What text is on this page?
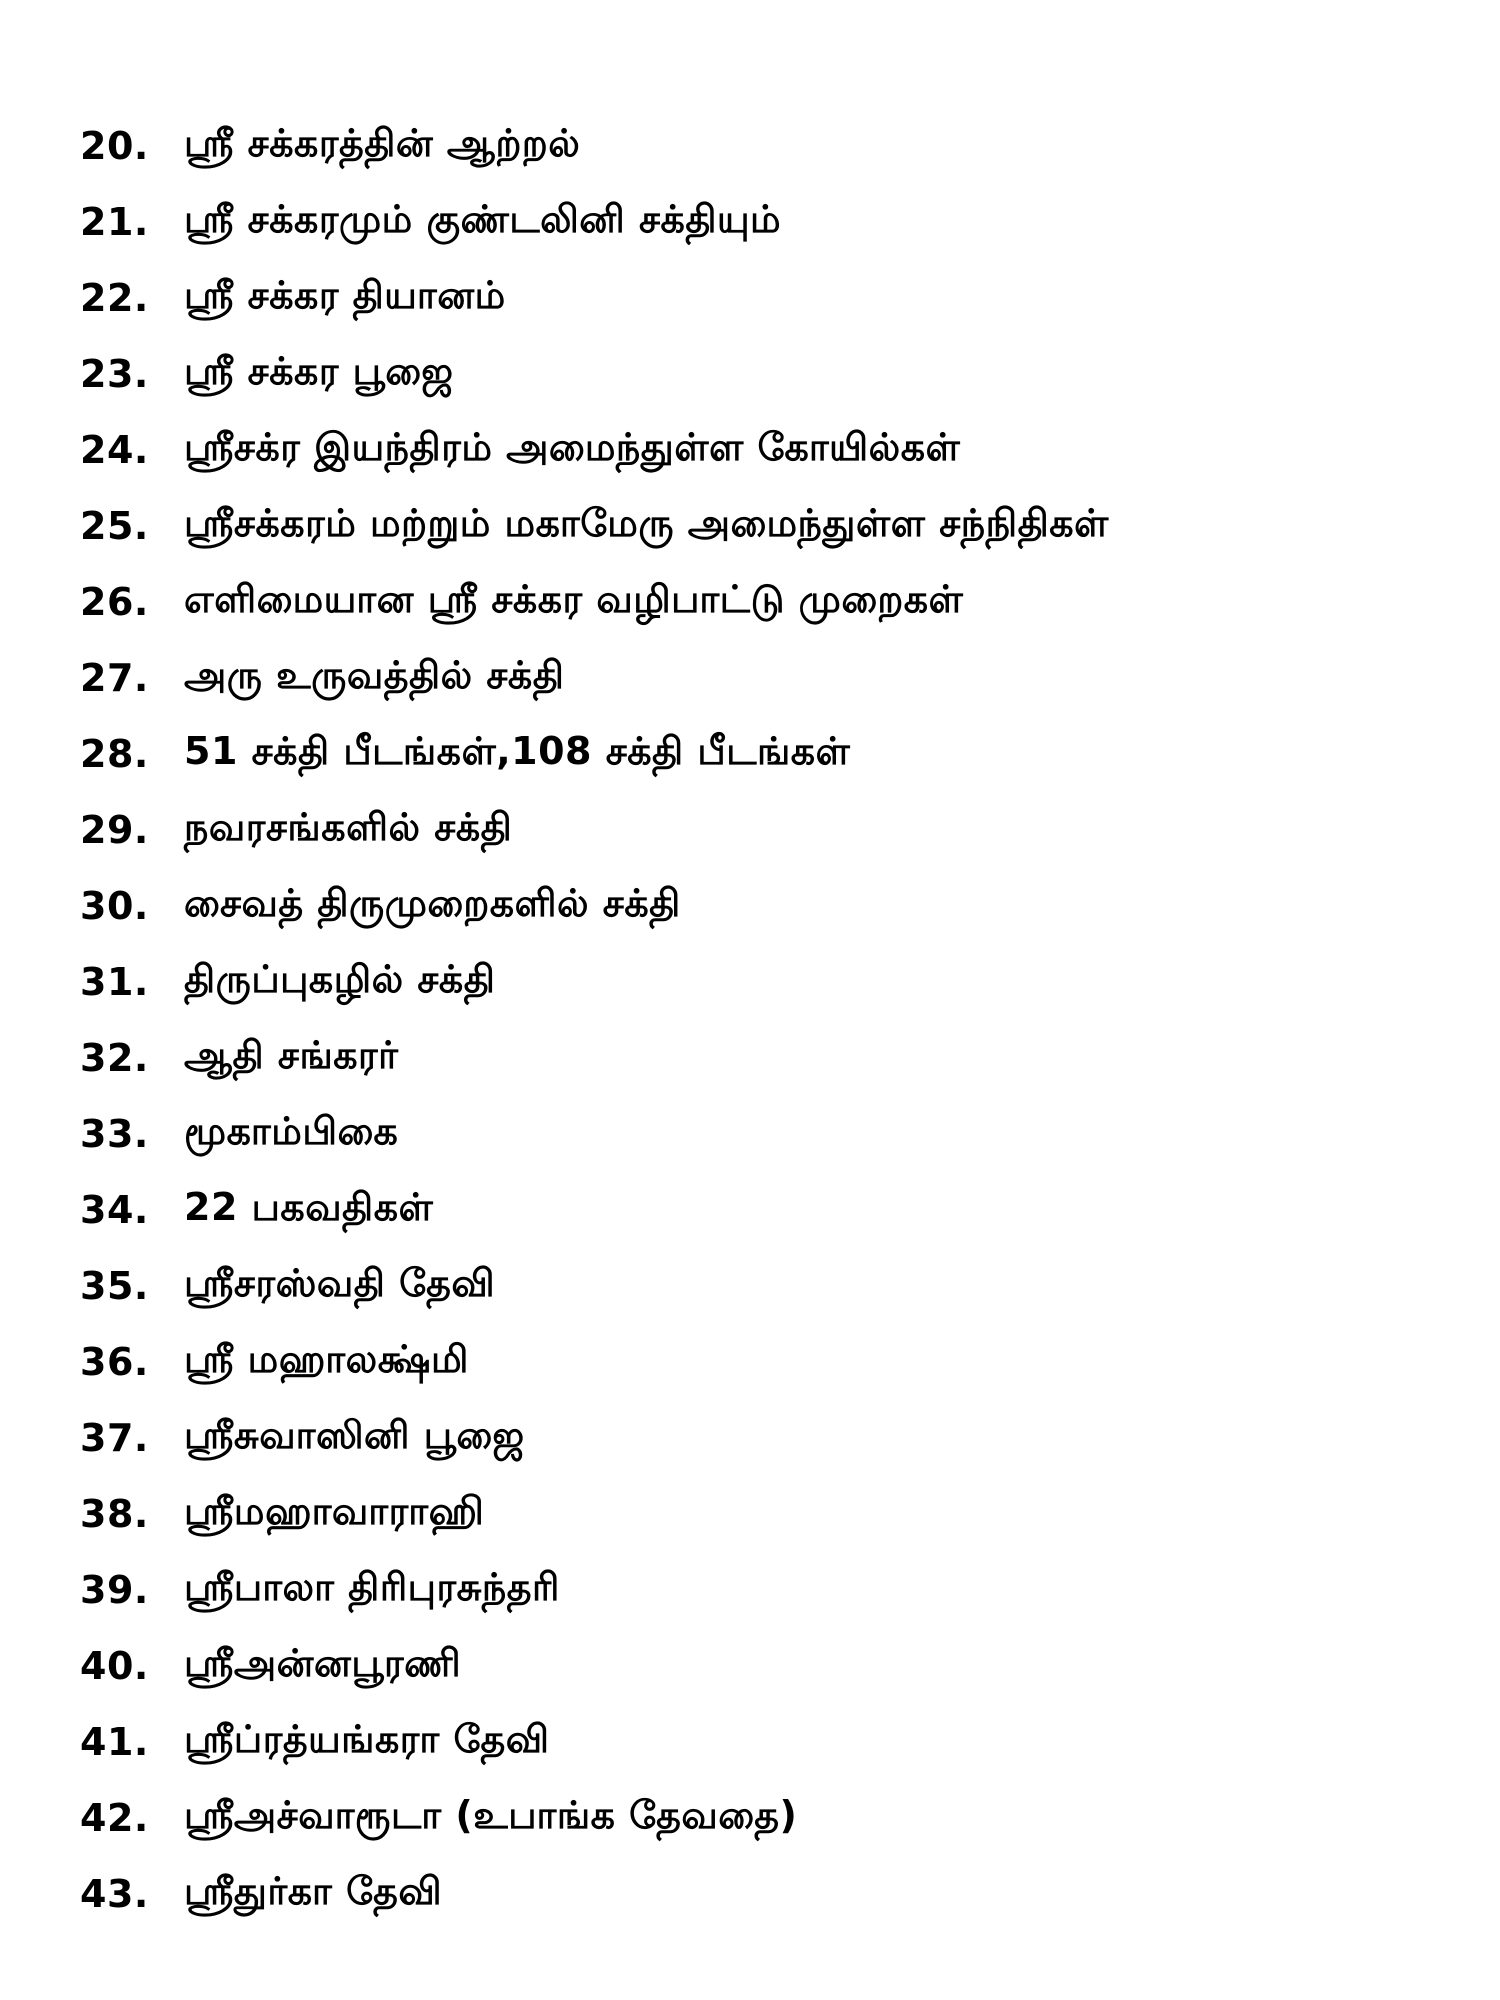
20. ஸ்ரீ சக்கரத்தின் ஆற்றல்
21. ஸ்ரீ சக்கரமும் குண்டலினி சக்தியும்
22. ஸ்ரீ சக்கர தியானம்
23. ஸ்ரீ சக்கர பூஜை
24. ஸ்ரீசக்ர இயந்திரம் அமைந்துள்ள கோயில்கள்
25. ஸ்ரீசக்கரம் மற்றும் மகாமேரு அமைந்துள்ள சந்நிதிகள்
26. எளிமையான ஸ்ரீ சக்கர வழிபாட்டு முறைகள்
27. அரு உருவத்தில் சக்தி
28. 51 சக்தி பீடங்கள்,108 சக்தி பீடங்கள்
29. நவரசங்களில் சக்தி
30. சைவத் திருமுறைகளில் சக்தி
31. திருப்புகழில் சக்தி
32. ஆதி சங்கரர்
33. மூகாம்பிகை
34. 22 பகவதிகள்
35. ஸ்ரீசரஸ்வதி தேவி
36. ஸ்ரீ மஹாலக்ஷ்மி
37. ஸ்ரீசுவாஸினி பூஜை
38. ஸ்ரீமஹாவாராஹி
39. ஸ்ரீபாலா திரிபுரசுந்தரி
40. ஸ்ரீஅன்னபூரணி
41. ஸ்ரீப்ரத்யங்கரா தேவி
42. ஸ்ரீஅச்வாரூடா (உபாங்க தேவதை)
43. ஸ்ரீதுர்கா தேவி
